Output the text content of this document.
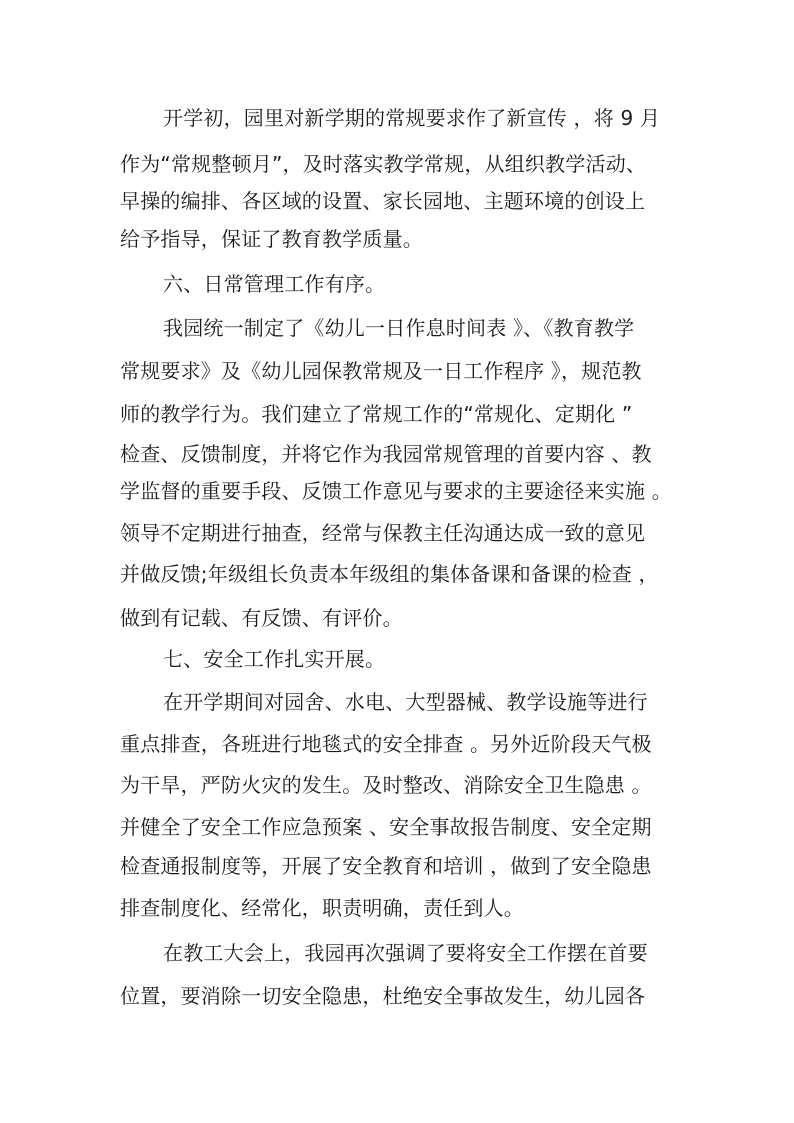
开学初，园里对新学期的常规要求作了新宣传 ，将 9 月
作为“常规整顿月”，及时落实教学常规，从组织教学活动、
早操的编排、各区域的设置、家长园地、主题环境的创设上
给予指导，保证了教育教学质量。
六、日常管理工作有序。
我园统一制定了《幼儿一日作息时间表 》、《教育教学
常规要求》及《幼儿园保教常规及一日工作程序 》，规范教
师的教学行为。我们建立了常规工作的“常规化、定期化 ”
检查、反馈制度，并将它作为我园常规管理的首要内容 、教
学监督的重要手段、反馈工作意见与要求的主要途径来实施 。
领导不定期进行抽查，经常与保教主任沟通达成一致的意见
并做反馈;年级组长负责本年级组的集体备课和备课的检查 ，
做到有记载、有反馈、有评价。
七、安全工作扎实开展。
在开学期间对园舍、水电、大型器械、教学设施等进行
重点排查，各班进行地毯式的安全排查 。另外近阶段天气极
为干旱，严防火灾的发生。及时整改、消除安全卫生隐患 。
并健全了安全工作应急预案 、安全事故报告制度、安全定期
检查通报制度等，开展了安全教育和培训 ，做到了安全隐患
排查制度化、经常化，职责明确，责任到人。
在教工大会上，我园再次强调了要将安全工作摆在首要
位置，要消除一切安全隐患，杜绝安全事故发生，幼儿园各
